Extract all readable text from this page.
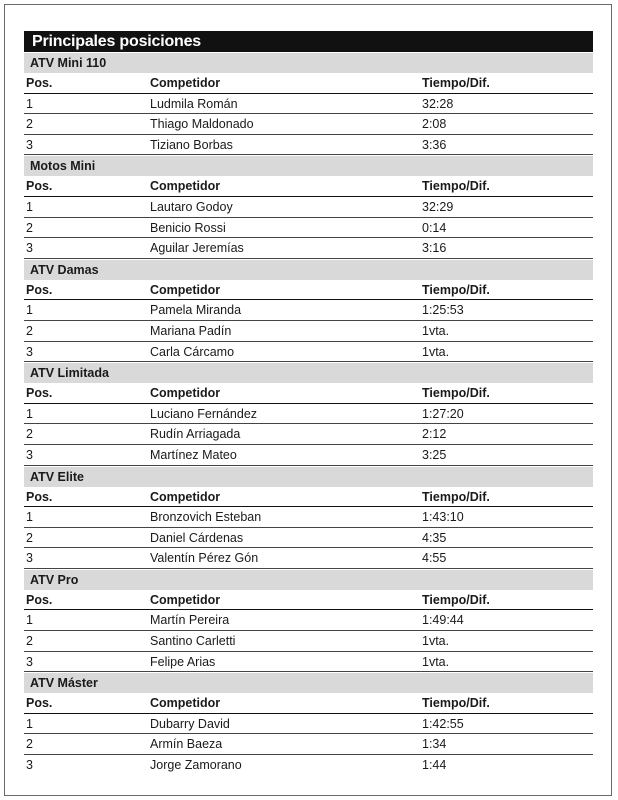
Principales posiciones
ATV Mini 110
Pos.	Competidor	Tiempo/Dif.
1	Ludmila Román	32:28
2	Thiago Maldonado	2:08
3	Tiziano Borbas	3:36
Motos Mini
Pos.	Competidor	Tiempo/Dif.
1	Lautaro Godoy	32:29
2	Benicio Rossi	0:14
3	Aguilar Jeremías	3:16
ATV Damas
Pos.	Competidor	Tiempo/Dif.
1	Pamela Miranda	1:25:53
2	Mariana Padín	1vta.
3	Carla Cárcamo	1vta.
ATV Limitada
Pos.	Competidor	Tiempo/Dif.
1	Luciano Fernández	1:27:20
2	Rudín Arriagada	2:12
3	Martínez Mateo	3:25
ATV Elite
Pos.	Competidor	Tiempo/Dif.
1	Bronzovich Esteban	1:43:10
2	Daniel Cárdenas	4:35
3	Valentín Pérez Gón	4:55
ATV Pro
Pos.	Competidor	Tiempo/Dif.
1	Martín Pereira	1:49:44
2	Santino Carletti	1vta.
3	Felipe Arias	1vta.
ATV Máster
Pos.	Competidor	Tiempo/Dif.
1	Dubarry David	1:42:55
2	Armín Baeza	1:34
3	Jorge Zamorano	1:44
